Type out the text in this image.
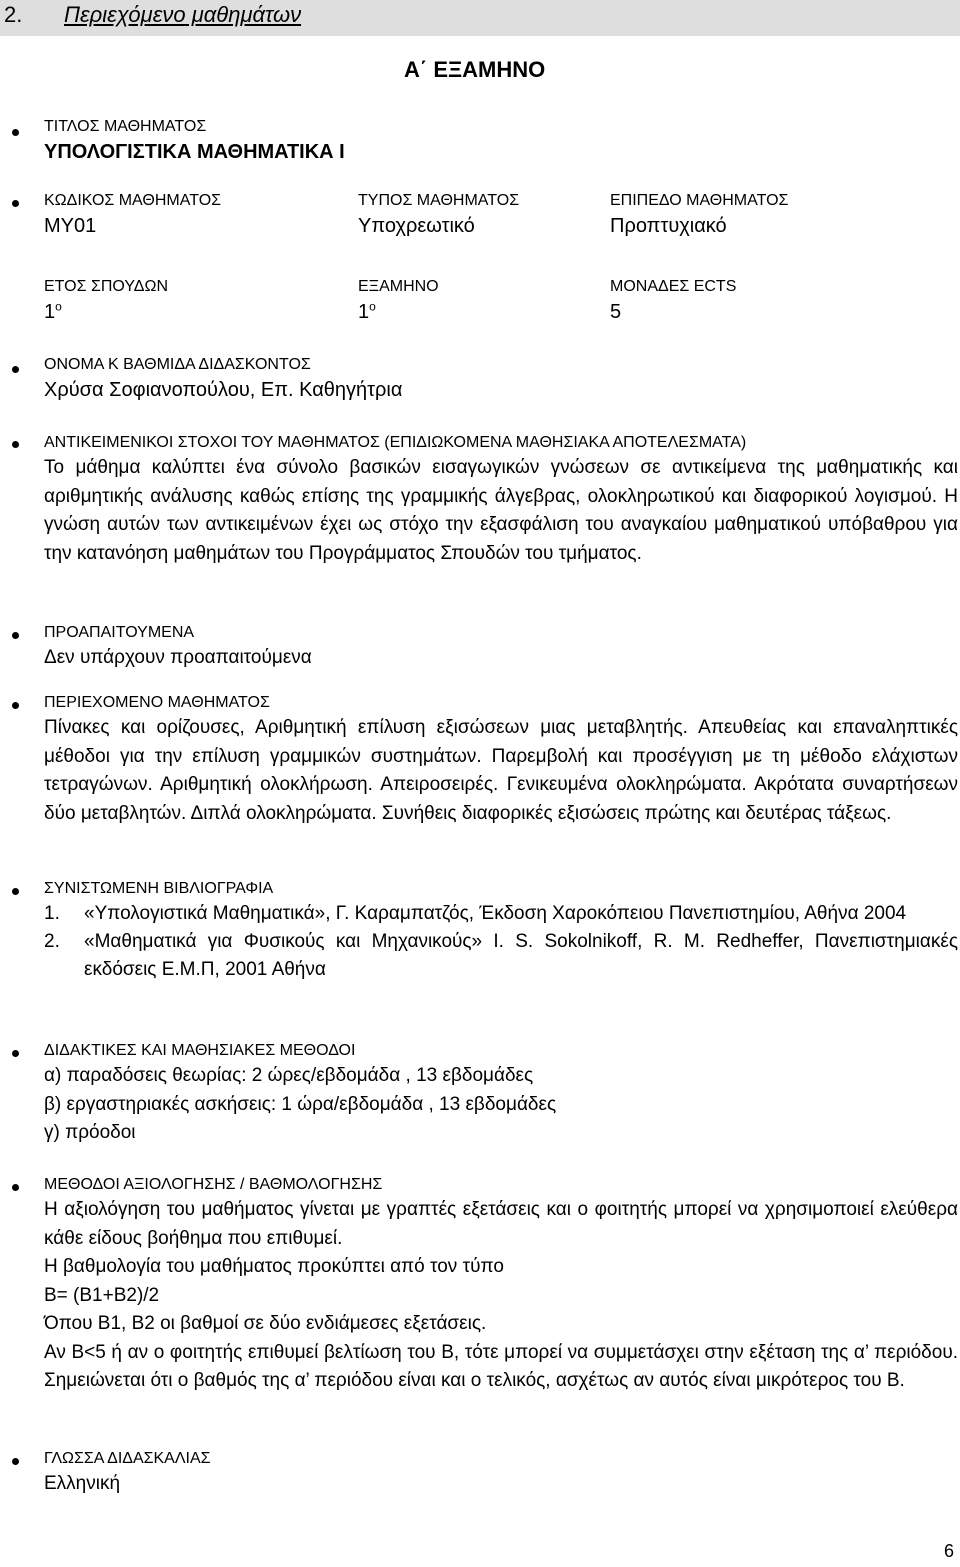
2. Περιεχόμενο μαθημάτων
Α΄ ΕΞΑΜΗΝΟ
ΤΙΤΛΟΣ ΜΑΘΗΜΑΤΟΣ
ΥΠΟΛΟΓΙΣΤΙΚΑ ΜΑΘΗΜΑΤΙΚΑ Ι
ΚΩΔΙΚΟΣ ΜΑΘΗΜΑΤΟΣ
ΜΥ01
ΤΥΠΟΣ ΜΑΘΗΜΑΤΟΣ
Υποχρεωτικό
ΕΠΙΠΕΔΟ ΜΑΘΗΜΑΤΟΣ
Προπτυχιακό
ΕΤΟΣ ΣΠΟΥΔΩΝ
$1^o$
ΕΞΑΜΗΝΟ
$1^o$
ΜΟΝΑΔΕΣ ECTS
5
ΟΝΟΜΑ Κ ΒΑΘΜΙΔΑ ΔΙΔΑΣΚΟΝΤΟΣ
Χρύσα Σοφιανοπούλου, Επ. Καθηγήτρια
ΑΝΤΙΚΕΙΜΕΝΙΚΟΙ ΣΤΟΧΟΙ ΤΟΥ ΜΑΘΗΜΑΤΟΣ (ΕΠΙΔΙΩΚΟΜΕΝΑ ΜΑΘΗΣΙΑΚΑ ΑΠΟΤΕΛΕΣΜΑΤΑ)
Το μάθημα καλύπτει ένα σύνολο βασικών εισαγωγικών γνώσεων σε αντικείμενα της μαθηματικής και αριθμητικής ανάλυσης καθώς επίσης της γραμμικής άλγεβρας, ολοκληρωτικού και διαφορικού λογισμού. Η γνώση αυτών των αντικειμένων έχει ως στόχο την εξασφάλιση του αναγκαίου μαθηματικού υπόβαθρου για την κατανόηση μαθημάτων του Προγράμματος Σπουδών του τμήματος.
ΠΡΟΑΠΑΙΤΟΥΜΕΝΑ
Δεν υπάρχουν προαπαιτούμενα
ΠΕΡΙΕΧΟΜΕΝΟ ΜΑΘΗΜΑΤΟΣ
Πίνακες και ορίζουσες, Αριθμητική επίλυση εξισώσεων μιας μεταβλητής. Απευθείας και επαναληπτικές μέθοδοι για την επίλυση γραμμικών συστημάτων. Παρεμβολή και προσέγγιση με τη μέθοδο ελάχιστων τετραγώνων. Αριθμητική ολοκλήρωση. Απειροσειρές. Γενικευμένα ολοκληρώματα. Ακρότατα συναρτήσεων δύο μεταβλητών. Διπλά ολοκληρώματα. Συνήθεις διαφορικές εξισώσεις πρώτης και δευτέρας τάξεως.
ΣΥΝΙΣΤΩΜΕΝΗ ΒΙΒΛΙΟΓΡΑΦΙΑ
1. «Υπολογιστικά Μαθηματικά», Γ. Καραμπατζός, Έκδοση Χαροκόπειου Πανεπιστημίου, Αθήνα 2004
2. «Μαθηματικά για Φυσικούς και Μηχανικούς» I. S. Sokolnikoff, R. M. Redheffer, Πανεπιστημιακές εκδόσεις Ε.Μ.Π, 2001 Αθήνα
ΔΙΔΑΚΤΙΚΕΣ ΚΑΙ ΜΑΘΗΣΙΑΚΕΣ ΜΕΘΟΔΟΙ
α) παραδόσεις θεωρίας: 2 ώρες/εβδομάδα , 13 εβδομάδες
β) εργαστηριακές ασκήσεις: 1 ώρα/εβδομάδα , 13 εβδομάδες
γ) πρόοδοι
ΜΕΘΟΔΟΙ ΑΞΙΟΛΟΓΗΣΗΣ / ΒΑΘΜΟΛΟΓΗΣΗΣ
Η αξιολόγηση του μαθήματος γίνεται με γραπτές εξετάσεις και ο φοιτητής μπορεί να χρησιμοποιεί ελεύθερα κάθε είδους βοήθημα που επιθυμεί.
Η βαθμολογία του μαθήματος προκύπτει από τον τύπο
Β= (Β1+Β2)/2
Όπου Β1, Β2 οι βαθμοί σε δύο ενδιάμεσες εξετάσεις.
Αν Β<5 ή αν ο φοιτητής επιθυμεί βελτίωση του Β, τότε μπορεί να συμμετάσχει στην εξέταση της α’ περιόδου. Σημειώνεται ότι ο βαθμός της α’ περιόδου είναι και ο τελικός, ασχέτως αν αυτός είναι μικρότερος του Β.
ΓΛΩΣΣΑ ΔΙΔΑΣΚΑΛΙΑΣ
Ελληνική
6
